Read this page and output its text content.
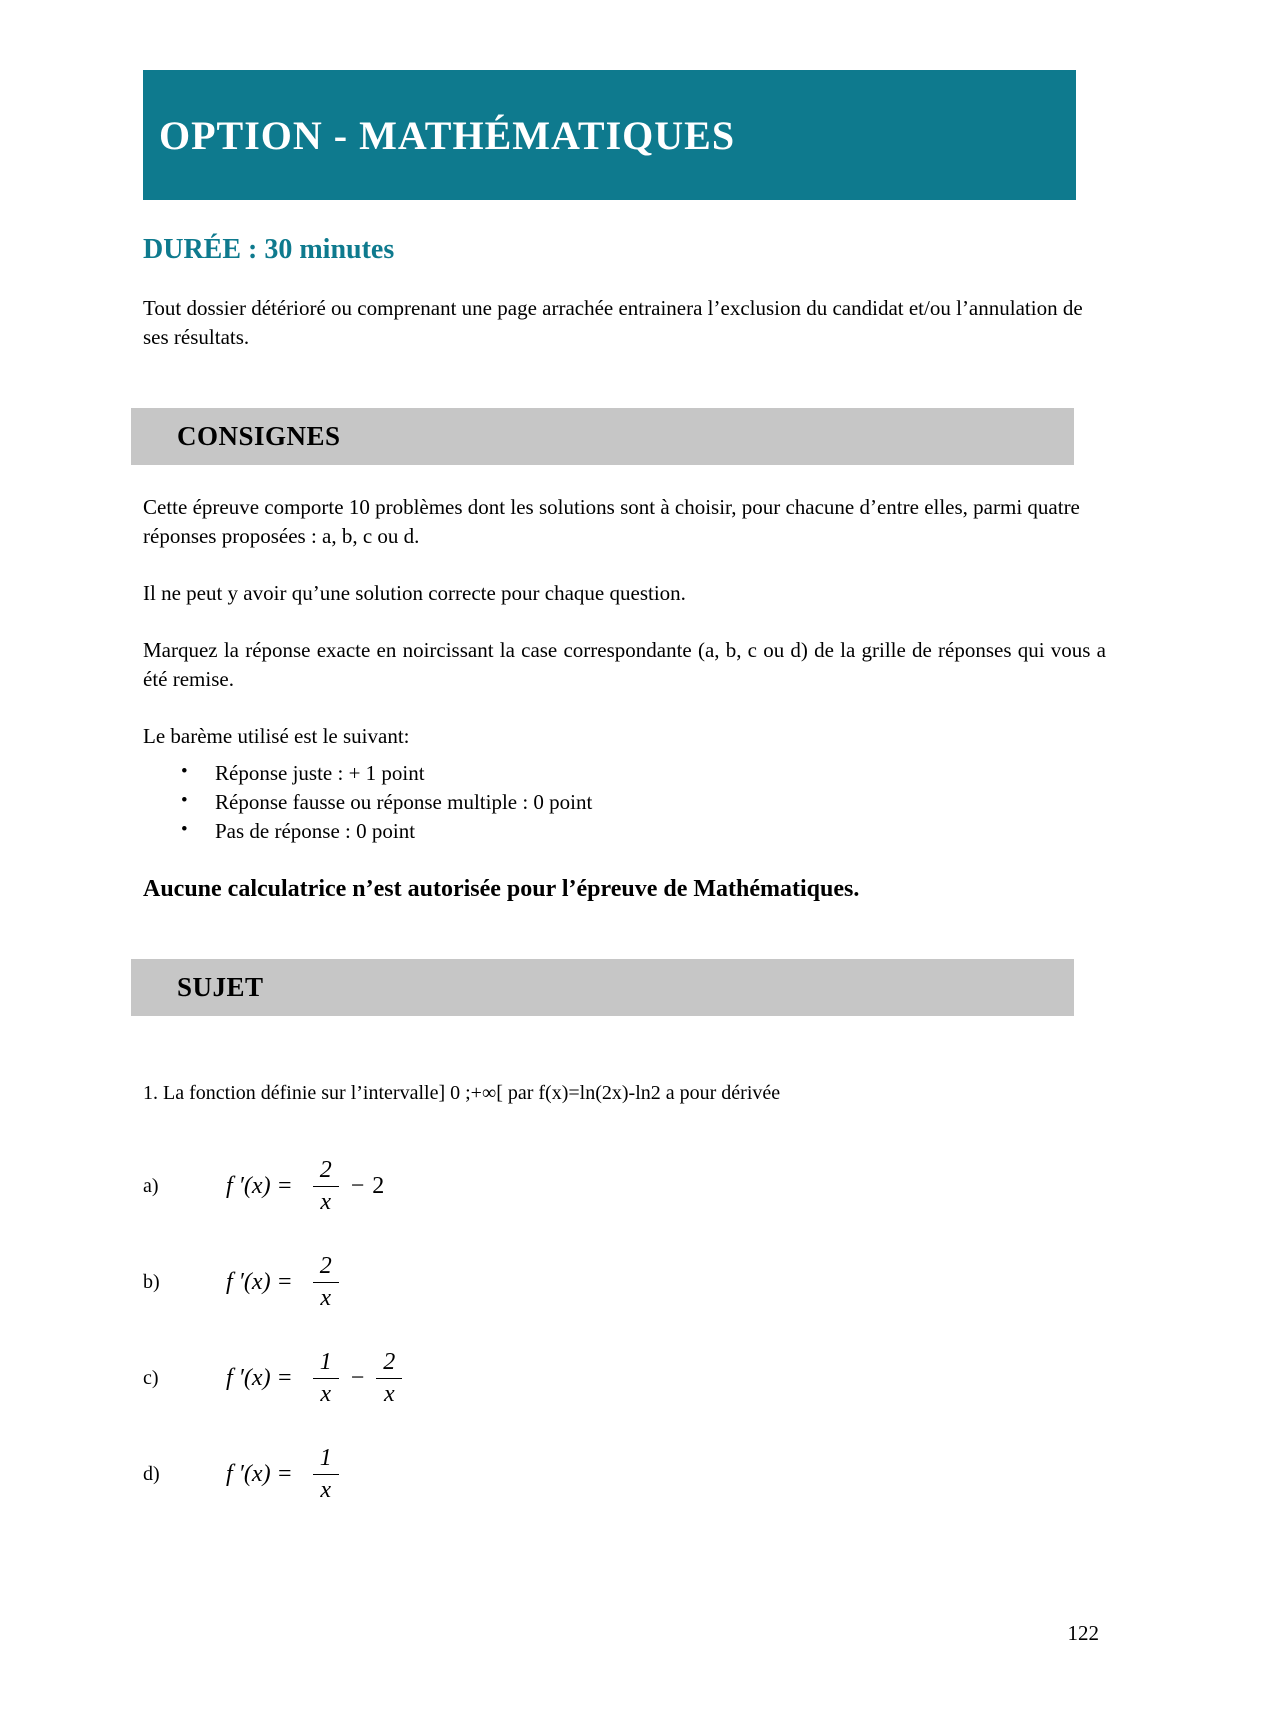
OPTION - MATHÉMATIQUES
DURÉE : 30 minutes

Tout dossier détérioré ou comprenant une page arrachée entrainera l’exclusion du candidat et/ou l’annulation de ses résultats.

CONSIGNES

Cette épreuve comporte 10 problèmes dont les solutions sont à choisir, pour chacune d’entre elles, parmi quatre réponses proposées : a, b, c ou d.

Il ne peut y avoir qu’une solution correcte pour chaque question.

Marquez la réponse exacte en noircissant la case correspondante (a, b, c ou d) de la grille de réponses qui vous a été remise.

Le barème utilisé est le suivant:

•	Réponse juste : + 1 point
•	Réponse fausse ou réponse multiple : 0 point
•	Pas de réponse : 0 point

Aucune calculatrice n’est autorisée pour l’épreuve de Mathématiques.

SUJET

1. La fonction définie sur l’intervalle] 0 ;+∞[ par f(x)=ln(2x)-ln2 a pour dérivée

a)	f $'(x) = \frac{2}{x} - 2$
b)	f $'(x) = \frac{2}{x}$
c)	f $'(x) = \frac{1}{x} - \frac{2}{x}$
d)	f $'(x) = \frac{1}{x}$
122
